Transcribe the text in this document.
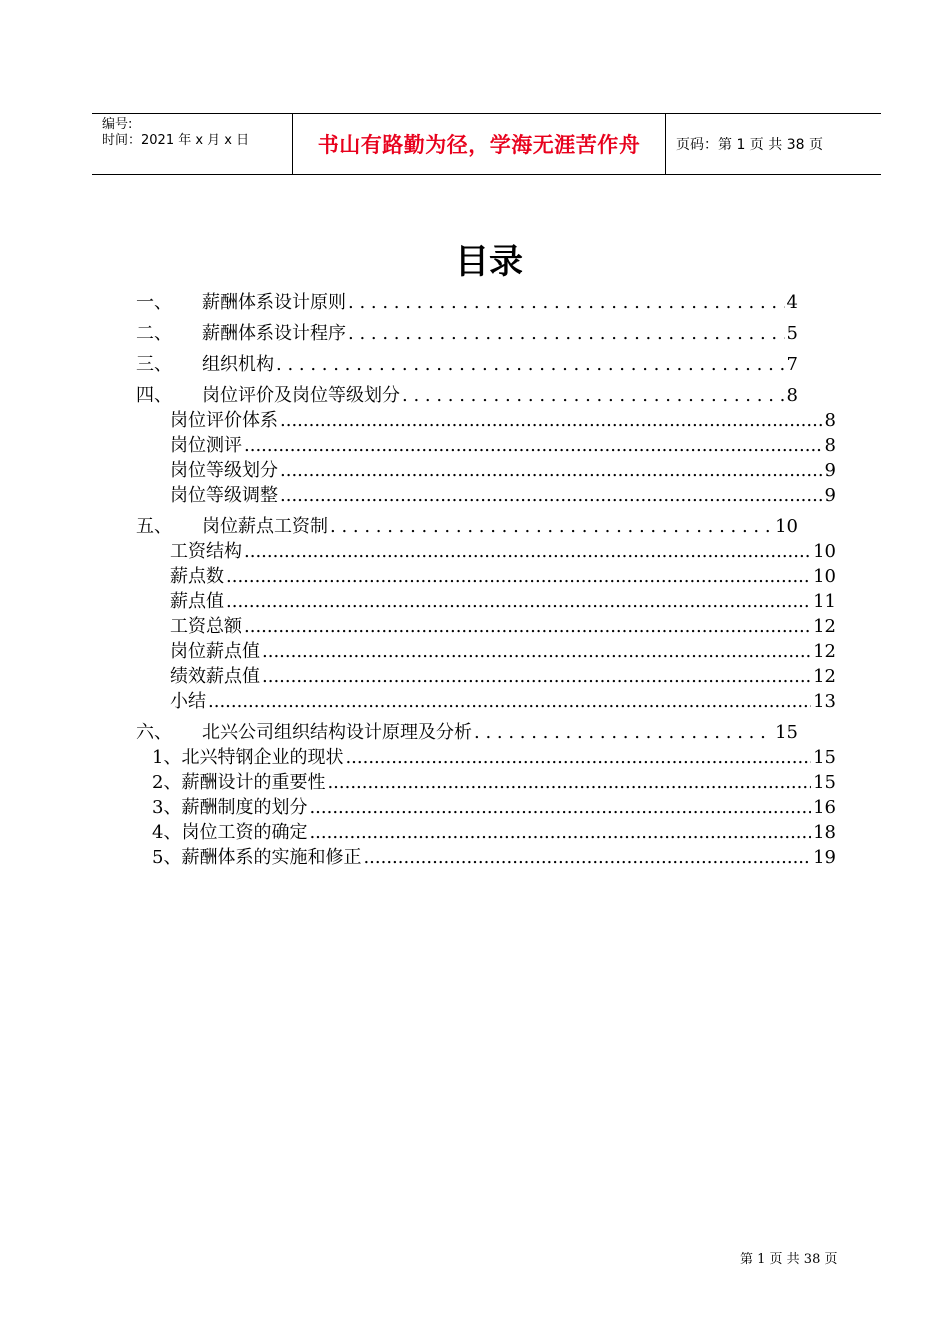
编号:
时间：2021 年 x 月 x 日	书山有路勤为径，学海无涯苦作舟	页码：第 1 页 共 38 页
目录
一、	薪酬体系设计原则 . . .	4
二、	薪酬体系设计程序 . . .	5
三、	组织机构 . . .	7
四、	岗位评价及岗位等级划分 . . .	8
岗位评价体系 .....	8
岗位测评 .....	8
岗位等级划分 .....	9
岗位等级调整 .....	9
五、	岗位薪点工资制 . . .	10
工资结构 .....	10
薪点数 .....	10
薪点值 .....	11
工资总额 .....	12
岗位薪点值 .....	12
绩效薪点值 .....	12
小结 .....	13
六、	北兴公司组织结构设计原理及分析 . . .	15
1、北兴特钢企业的现状 .....	15
2、薪酬设计的重要性 .....	15
3、薪酬制度的划分 .....	16
4、岗位工资的确定 .....	18
5、薪酬体系的实施和修正 .....	19
第 1 页 共 38 页
